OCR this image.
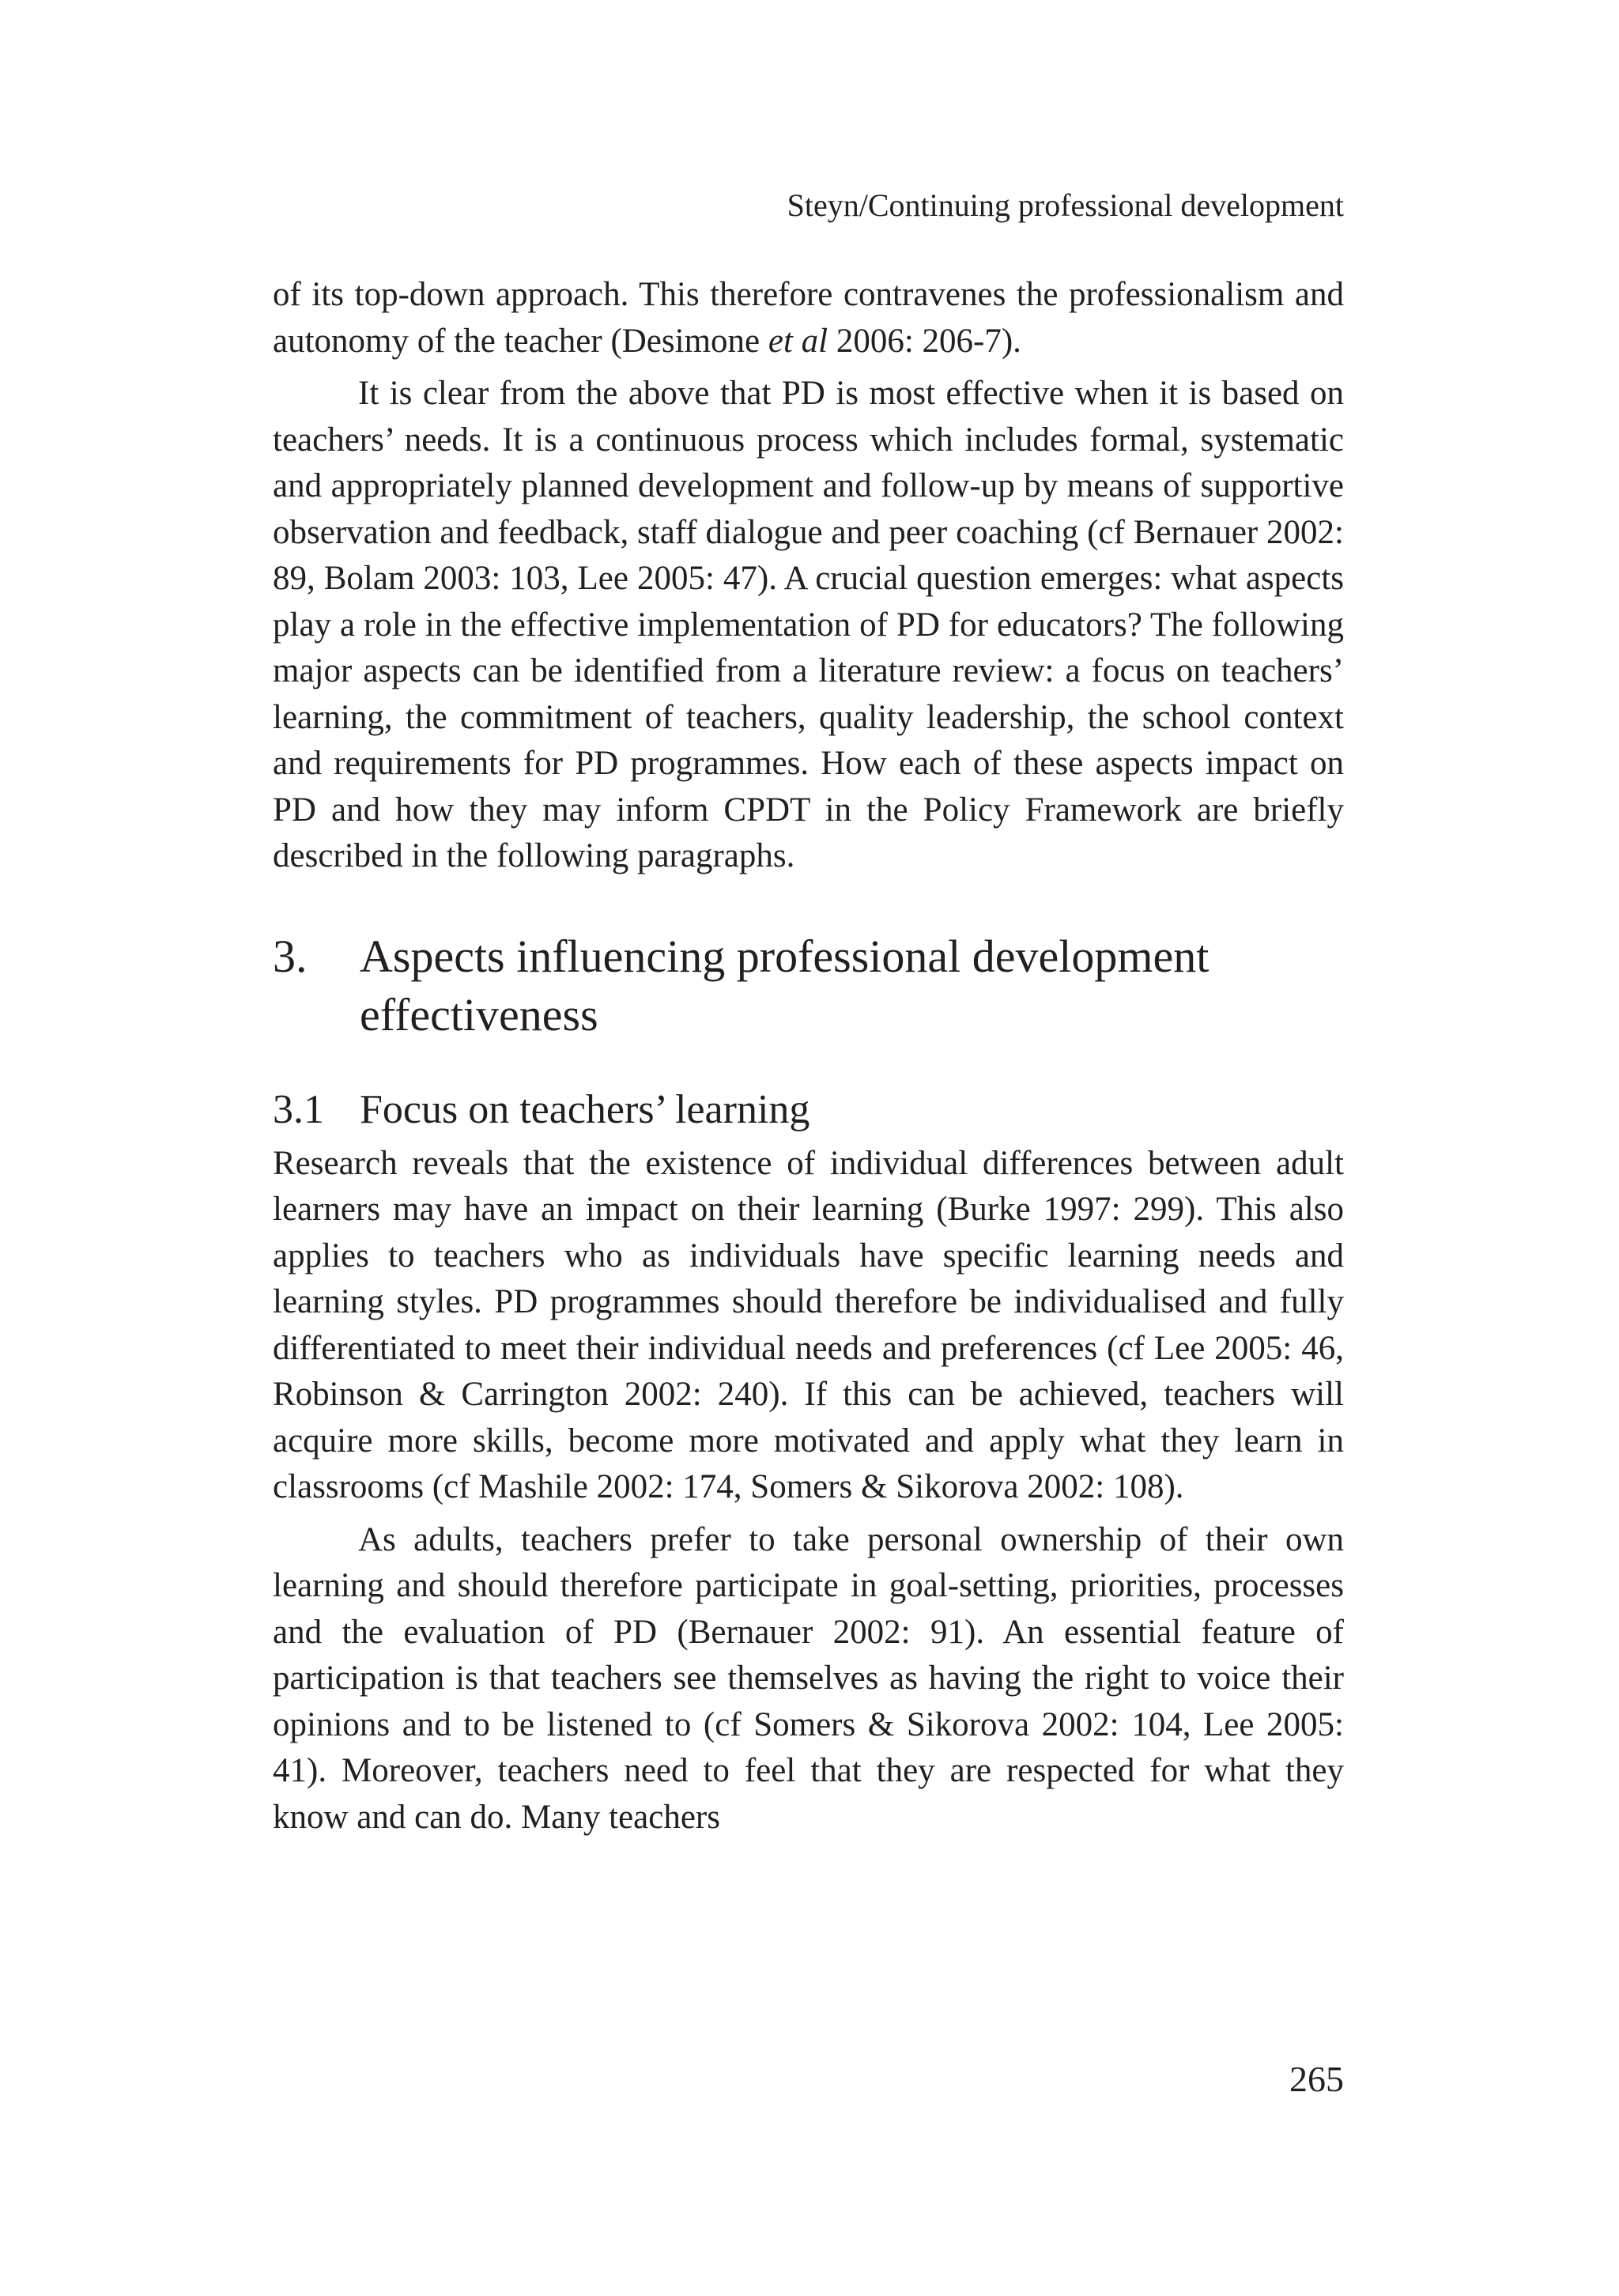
Steyn/Continuing professional development

of its top-down approach. This therefore contravenes the professionalism and autonomy of the teacher (Desimone et al 2006: 206-7).

It is clear from the above that PD is most effective when it is based on teachers’ needs. It is a continuous process which includes formal, systematic and appropriately planned development and follow-up by means of supportive observation and feedback, staff dialogue and peer coaching (cf Bernauer 2002: 89, Bolam 2003: 103, Lee 2005: 47). A crucial question emerges: what aspects play a role in the effective implementation of PD for educators? The following major aspects can be identified from a literature review: a focus on teachers’ learning, the commitment of teachers, quality leadership, the school context and requirements for PD programmes. How each of these aspects impact on PD and how they may inform CPDT in the Policy Framework are briefly described in the following paragraphs.

3.	Aspects influencing professional development effectiveness
3.1 Focus on teachers’ learning

Research reveals that the existence of individual differences between adult learners may have an impact on their learning (Burke 1997: 299). This also applies to teachers who as individuals have specific learning needs and learning styles. PD programmes should therefore be individualised and fully differentiated to meet their individual needs and preferences (cf Lee 2005: 46, Robinson & Carrington 2002: 240). If this can be achieved, teachers will acquire more skills, become more motivated and apply what they learn in classrooms (cf Mashile 2002: 174, Somers & Sikorova 2002: 108).

As adults, teachers prefer to take personal ownership of their own learning and should therefore participate in goal-setting, priorities, processes and the evaluation of PD (Bernauer 2002: 91). An essential feature of participation is that teachers see themselves as having the right to voice their opinions and to be listened to (cf Somers & Sikorova 2002: 104, Lee 2005: 41). Moreover, teachers need to feel that they are respected for what they know and can do. Many teachers

265
